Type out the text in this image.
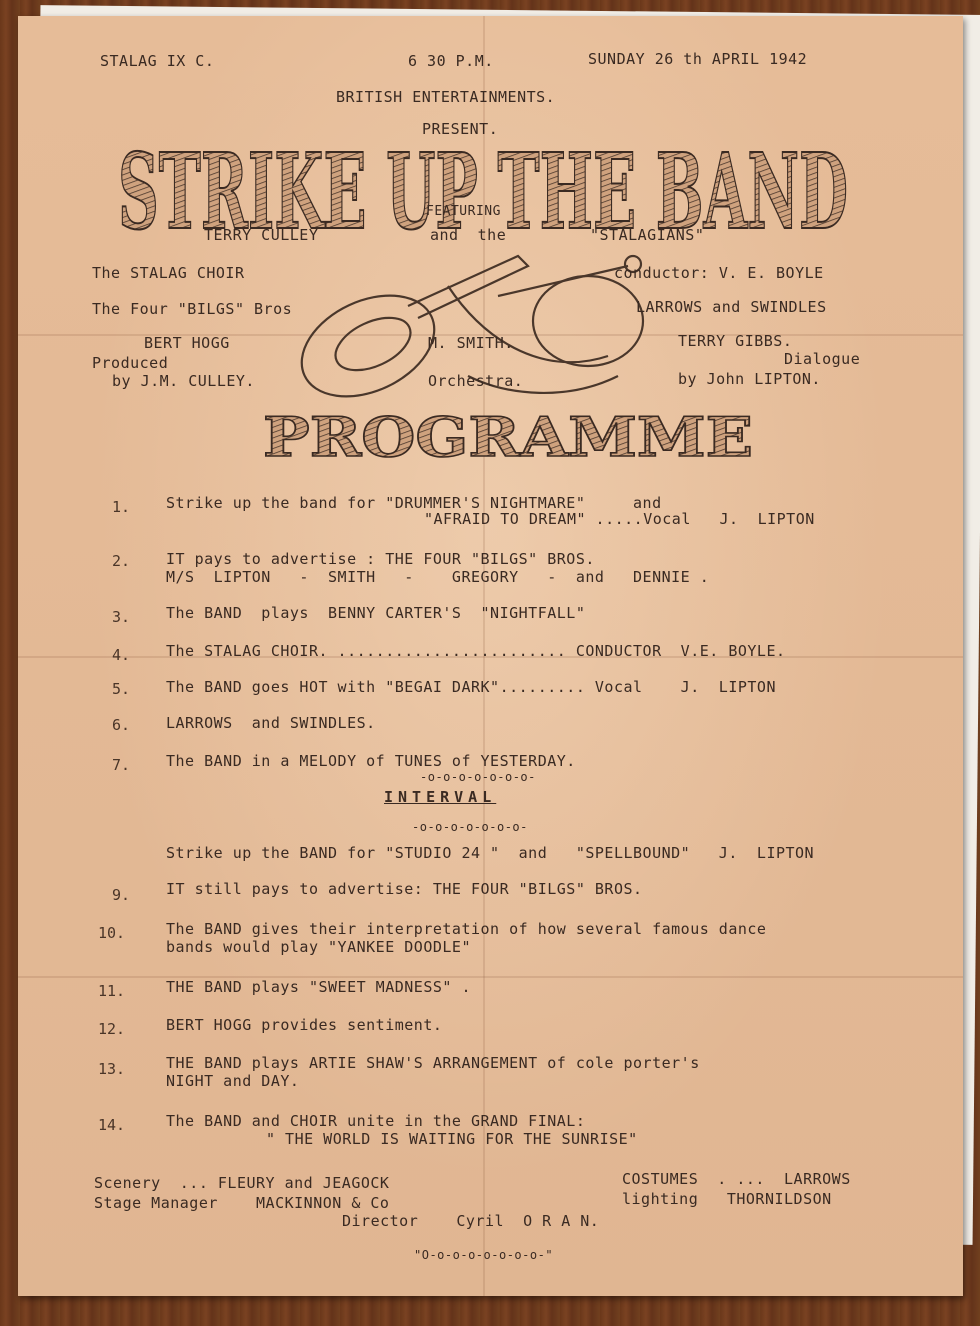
STALAG IX C.	6 30 P.M.	SUNDAY 26 th APRIL 1942
BRITISH ENTERTAINMENTS.
PRESENT.
STRIKE UP THE BAND
FEATURING
TERRY CULLEY	and  the	"STALAGIANS"
The STALAG CHOIR	conductor: V. E. BOYLE
The Four "BILGS" Bros	LARROWS and SWINDLES
BERT HOGG	M. SMITH.	TERRY GIBBS.
Produced	Dialogue
by J.M. CULLEY.	Orchestra.	by John LIPTON.
PROGRAMME
1. Strike up the band for "DRUMMER'S NIGHTMARE"     and
"AFRAID TO DREAM" .....Vocal   J.  LIPTON
2. IT pays to advertise : THE FOUR "BILGS" BROS.
M/S  LIPTON   -  SMITH   -    GREGORY   -  and   DENNIE .
3. The BAND  plays  BENNY CARTER'S  "NIGHTFALL"
4. The STALAG CHOIR. ........................ CONDUCTOR  V.E. BOYLE.
5. The BAND goes HOT with "BEGAI DARK"......... Vocal    J.  LIPTON
6. LARROWS  and SWINDLES.
7. The BAND in a MELODY of TUNES of YESTERDAY.
-o-o-o-o-o-o-o-
INTERVAL
-o-o-o-o-o-o-o-
Strike up the BAND for "STUDIO 24 "  and   "SPELLBOUND"   J.  LIPTON
9. IT still pays to advertise: THE FOUR "BILGS" BROS.
10.	The BAND gives their interpretation of how several famous dance
bands would play "YANKEE DOODLE"
11.	THE BAND plays "SWEET MADNESS" .
12.	BERT HOGG provides sentiment.
13.	THE BAND plays ARTIE SHAW'S ARRANGEMENT of cole porter's
NIGHT and DAY.
14.	The BAND and CHOIR unite in the GRAND FINAL:
" THE WORLD IS WAITING FOR THE SUNRISE"
Scenery  ... FLEURY and JEAGOCK	COSTUMES  . ...  LARROWS
Stage Manager    MACKINNON & Co	lighting   THORNILDSON
Director    Cyril  O R A N.
"O-o-o-o-o-o-o-o-"
